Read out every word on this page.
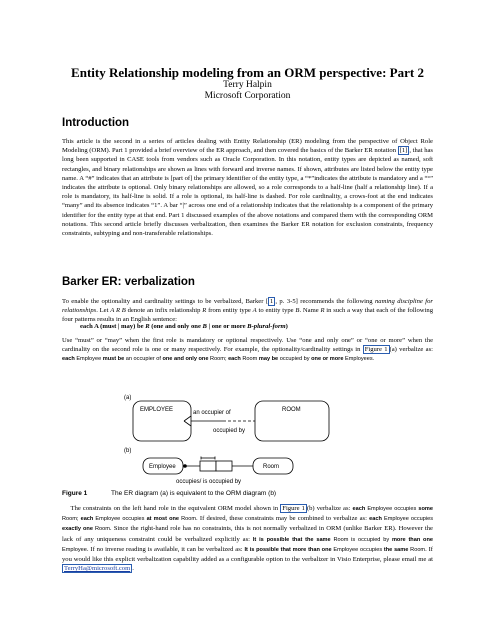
Entity Relationship modeling from an ORM perspective: Part 2
Terry Halpin
Microsoft Corporation
Introduction

This article is the second in a series of articles dealing with Entity Relationship (ER) modeling from the perspective of Object Role Modeling (ORM). Part 1 provided a brief overview of the ER approach, and then covered the basics of the Barker ER notation [1] , that has long been supported in CASE tools from vendors such as Oracle Corporation. In this notation, entity types are depicted as named, soft rectangles, and binary relationships are shown as lines with forward and inverse names. If shown, attributes are listed below the entity type name. A “#” indicates that an attribute is [part of] the primary identifier of the entity type, a “*”indicates the attribute is mandatory and a “°” indicates the attribute is optional. Only binary relationships are allowed, so a role corresponds to a half-line (half a relationship line). If a role is mandatory, its half-line is solid. If a role is optional, its half-line is dashed. For role cardinality, a crows-foot at the end indicates “many” and its absence indicates “1”. A bar “|” across one end of a relationship indicates that the relationship is a component of the primary identifier for the entity type at that end. Part 1 discussed examples of the above notations and compared them with the corresponding ORM notations. This second article briefly discusses verbalization, then examines the Barker ER notation for exclusion constraints, frequency constraints, subtyping and non-transferable relationships.

Barker ER: verbalization

To enable the optionality and cardinality settings to be verbalized, Barker [ 1 , p. 3-5] recommends the following naming discipline for relationships. Let A R B denote an infix relationship R from entity type A to entity type B. Name R in such a way that each of the following four patterns results in an English sentence:

each A (must | may) be R (one and only one B | one or more B-plural-form)

Use “must” or “may” when the first role is mandatory or optional respectively. Use “one and only one” or “one or more” when the cardinality on the second role is one or many respectively. For example, the optionality/cardinality settings in Figure 1 (a) verbalize as: each Employee must be an occupier of one and only one Room; each Room may be occupied by one or more Employees.

(a)
EMPLOYEE	ROOM
an occupier of
occupied by
(b)
Employee	Room
occupies/ is occupied by
Figure 1	The ER diagram (a) is equivalent to the ORM diagram (b)

The constraints on the left hand role in the equivalent ORM model shown in Figure 1 (b) verbalize as: each Employee occupies some Room; each Employee occupies at most one Room. If desired, these constraints may be combined to verbalize as: each Employee occupies exactly one Room. Since the right-hand role has no constraints, this is not normally verbalized in ORM (unlike Barker ER). However the lack of any uniqueness constraint could be verbalized explicitly as: It is possible that the same Room is occupied by more than one Employee. If no inverse reading is available, it can be verbalized as: It is possible that more than one Employee occupies the same Room. If you would like this explicit verbalization capability added as a configurable option to the verbalizer in Visio Enterprise, please email me at TerryHa@microsoft.com .
